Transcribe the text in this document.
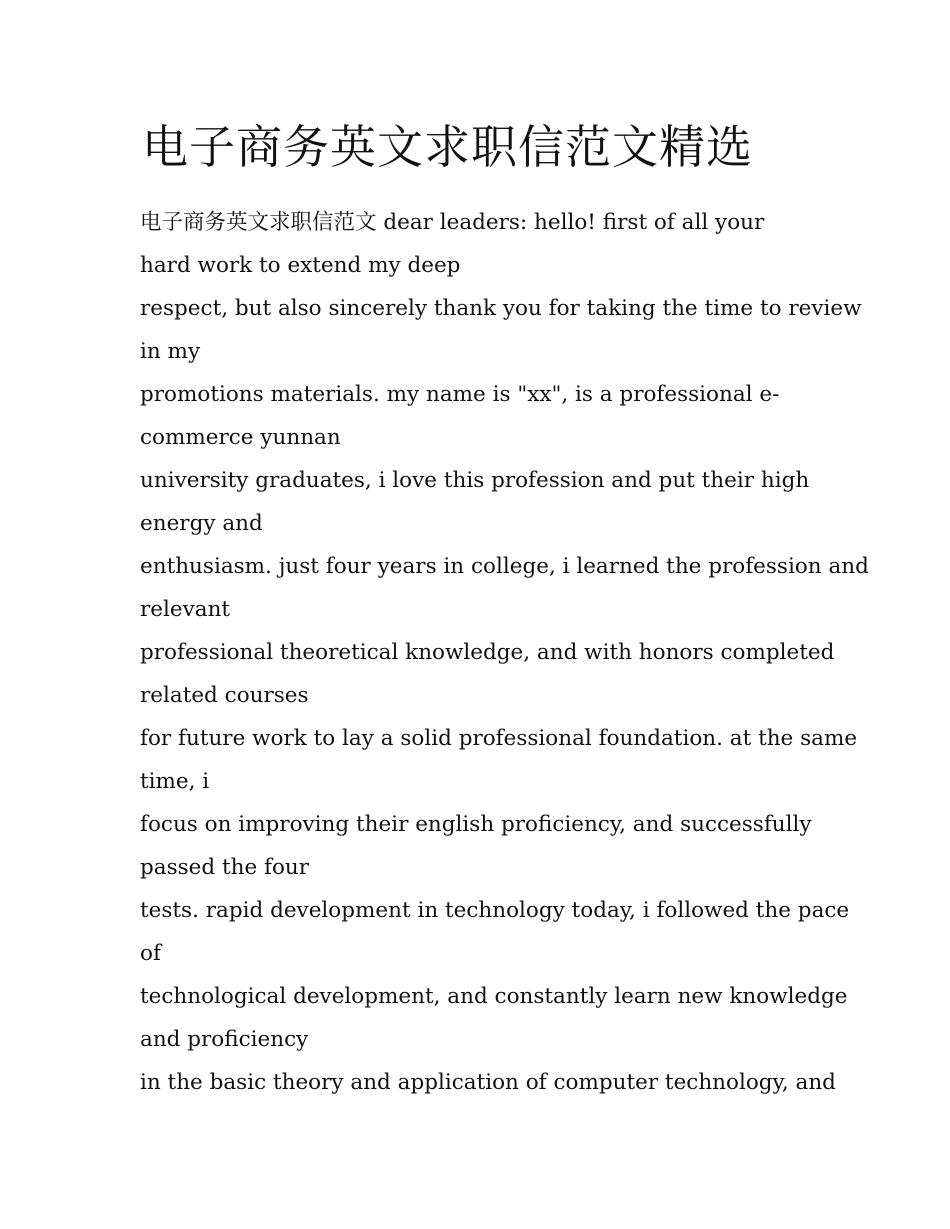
电子商务英文求职信范文精选
电子商务英文求职信范文 dear leaders: hello! first of all your
hard work to extend my deep
respect, but also sincerely thank you for taking the time to review
in my
promotions materials. my name is "xx", is a professional e-
commerce yunnan
university graduates, i love this profession and put their high
energy and
enthusiasm. just four years in college, i learned the profession and
relevant
professional theoretical knowledge, and with honors completed
related courses
for future work to lay a solid professional foundation. at the same
time, i
focus on improving their english proficiency, and successfully
passed the four
tests. rapid development in technology today, i followed the pace
of
technological development, and constantly learn new knowledge
and proficiency
in the basic theory and application of computer technology, and
